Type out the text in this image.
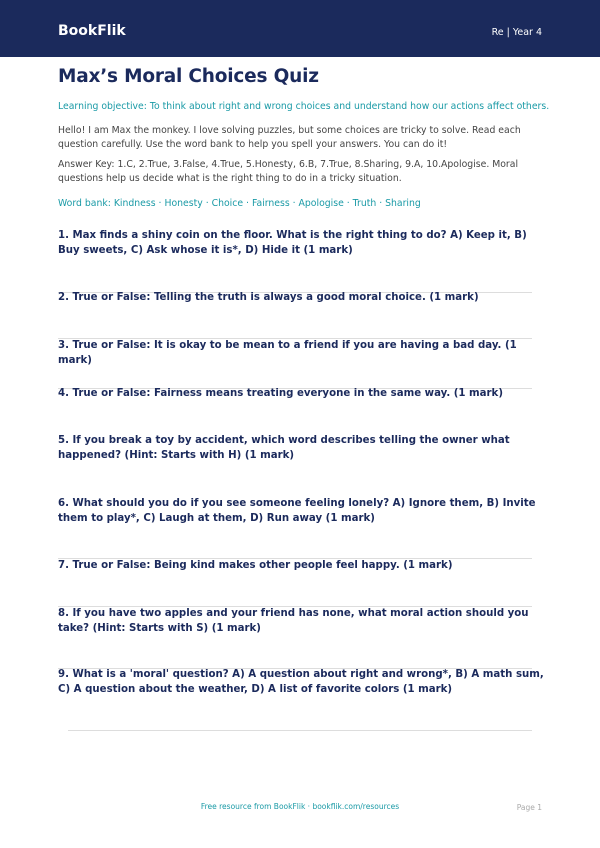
BookFlik	Re | Year 4
Max’s Moral Choices Quiz
Learning objective: To think about right and wrong choices and understand how our actions affect others.
Hello! I am Max the monkey. I love solving puzzles, but some choices are tricky to solve. Read each question carefully. Use the word bank to help you spell your answers. You can do it!
Answer Key: 1.C, 2.True, 3.False, 4.True, 5.Honesty, 6.B, 7.True, 8.Sharing, 9.A, 10.Apologise. Moral questions help us decide what is the right thing to do in a tricky situation.
Word bank: Kindness · Honesty · Choice · Fairness · Apologise · Truth · Sharing
1. Max finds a shiny coin on the floor. What is the right thing to do? A) Keep it, B) Buy sweets, C) Ask whose it is*, D) Hide it (1 mark)
2. True or False: Telling the truth is always a good moral choice. (1 mark)
3. True or False: It is okay to be mean to a friend if you are having a bad day. (1 mark)
4. True or False: Fairness means treating everyone in the same way. (1 mark)
5. If you break a toy by accident, which word describes telling the owner what happened? (Hint: Starts with H) (1 mark)
6. What should you do if you see someone feeling lonely? A) Ignore them, B) Invite them to play*, C) Laugh at them, D) Run away (1 mark)
7. True or False: Being kind makes other people feel happy. (1 mark)
8. If you have two apples and your friend has none, what moral action should you take? (Hint: Starts with S) (1 mark)
9. What is a 'moral' question? A) A question about right and wrong*, B) A math sum, C) A question about the weather, D) A list of favorite colors (1 mark)
Free resource from BookFlik · bookflik.com/resources	Page 1
